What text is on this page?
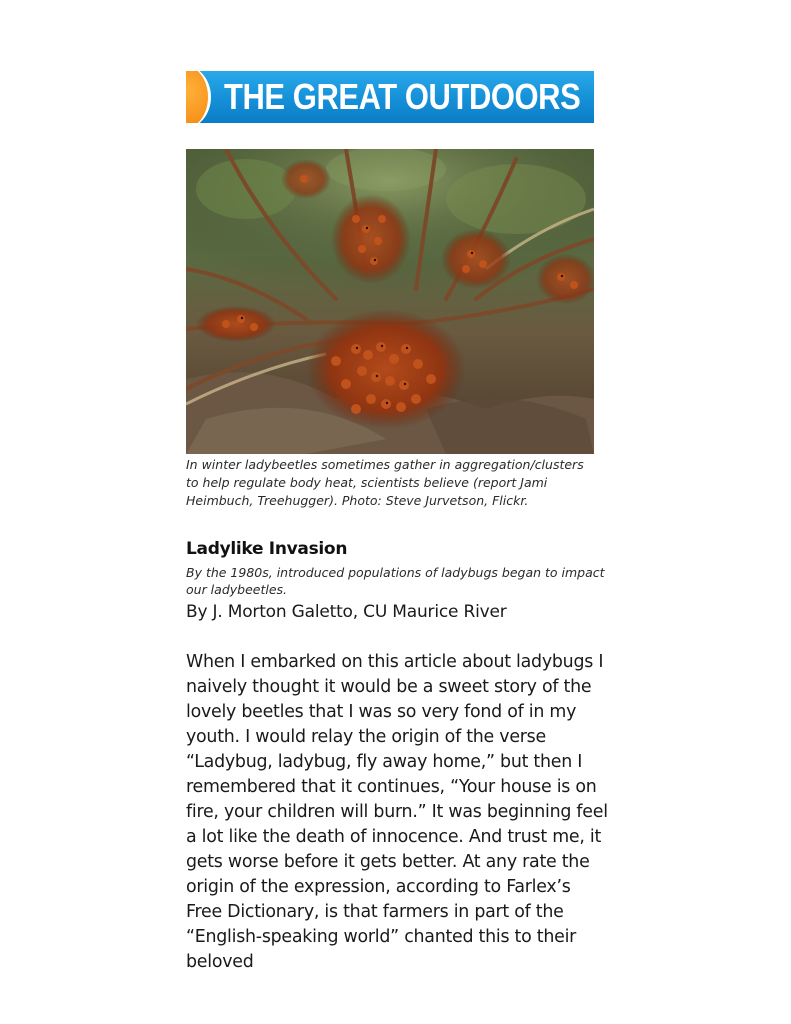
THE GREAT OUTDOORS

In winter ladybeetles sometimes gather in aggregation/clusters to help regulate body heat, scientists believe (report Jami Heimbuch, Treehugger). Photo: Steve Jurvetson, Flickr.

Ladylike Invasion

By the 1980s, introduced populations of ladybugs began to impact our ladybeetles.

By J. Morton Galetto, CU Maurice River

When I embarked on this article about ladybugs I naively thought it would be a sweet story of the lovely beetles that I was so very fond of in my youth. I would relay the origin of the verse “Ladybug, ladybug, fly away home,” but then I remembered that it continues, “Your house is on fire, your children will burn.” It was beginning feel a lot like the death of innocence. And trust me, it gets worse before it gets better. At any rate the origin of the expression, according to Farlex’s Free Dictionary, is that farmers in part of the “English-speaking world” chanted this to their beloved
